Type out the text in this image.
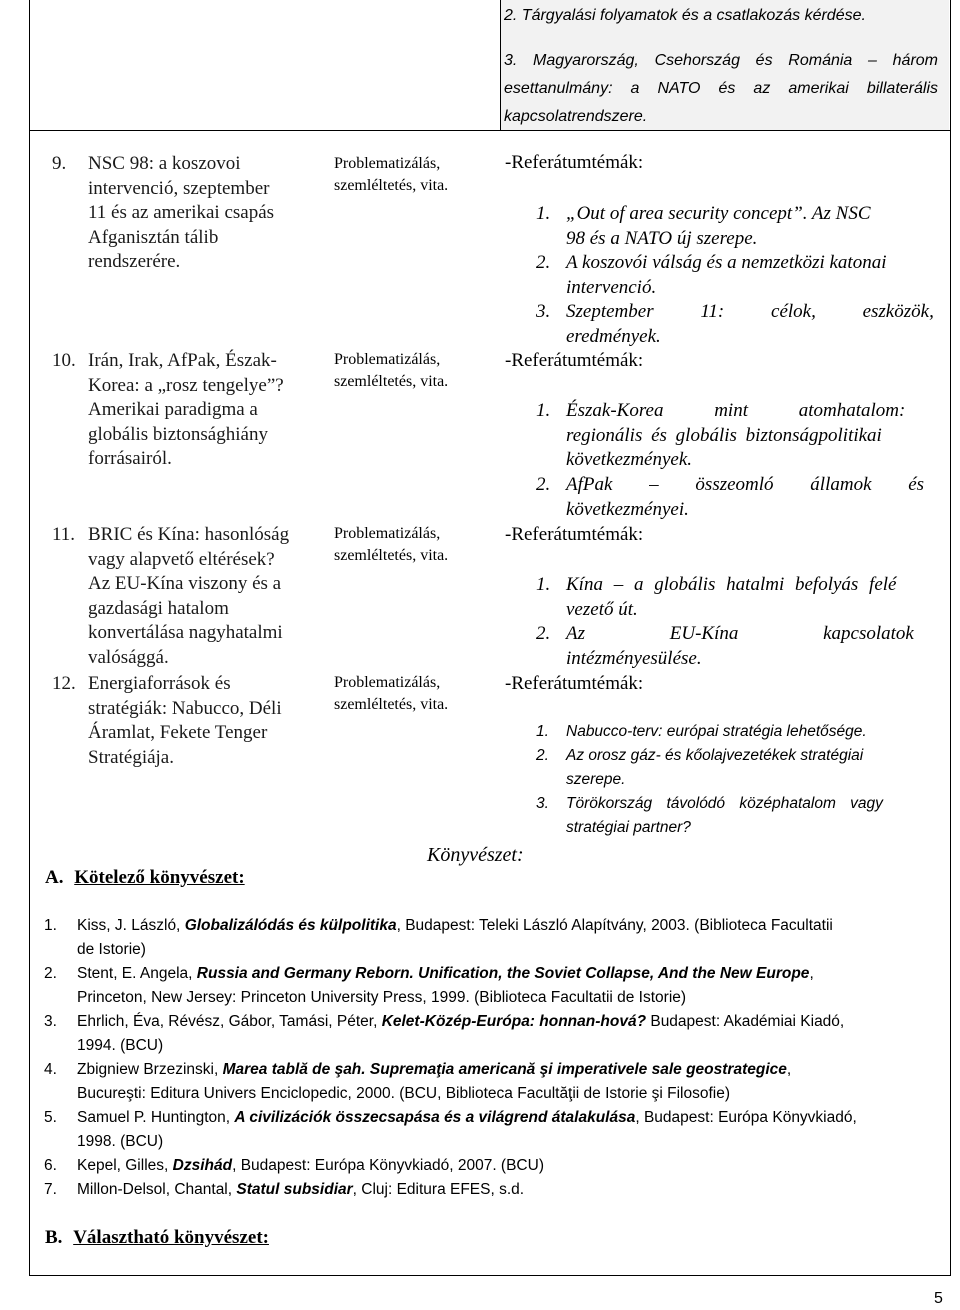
2. Tárgyalási folyamatok és a csatlakozás kérdése.

3. Magyarország, Csehország és Románia – három

esettanulmány: a NATO és az amerikai billaterális

kapcsolatrendszere.

9. NSC 98: a koszovoi
intervenció, szeptember
11 és az amerikai csapás
Afganisztán tálib
rendszerére.
Problematizálás,
szemléltetés, vita.
-Referátumtémák:
1. „Out of area security concept”. Az NSC
98 és a NATO új szerepe.
2. A koszovói válság és a nemzetközi katonai
intervenció.
3. Szeptember 11: célok, eszközök,
eredmények.
10. Irán, Irak, AfPak, Észak-
Korea: a „rosz tengelye”?
Amerikai paradigma a
globális biztonsághiány
forrásairól.
Problematizálás,
szemléltetés, vita.
-Referátumtémák:
1. Észak-Korea mint atomhatalom:
regionális és globális biztonságpolitikai
következmények.
2. AfPak – összeomló államok és
következményei.
11. BRIC és Kína: hasonlóság
vagy alapvető eltérések?
Az EU-Kína viszony és a
gazdasági hatalom
konvertálása nagyhatalmi
valósággá.
Problematizálás,
szemléltetés, vita.
-Referátumtémák:
1. Kína – a globális hatalmi befolyás felé
vezető út.
2. Az EU-Kína kapcsolatok
intézményesülése.
12. Energiaforrások és
stratégiák: Nabucco, Déli
Áramlat, Fekete Tenger
Stratégiája.
Problematizálás,
szemléltetés, vita.
-Referátumtémák:
1. Nabucco-terv: európai stratégia lehetősége.
2. Az orosz gáz- és kőolajvezetékek stratégiai
szerepe.
3. Törökország távolódó középhatalom vagy
stratégiai partner?
Könyvészet:
A. Kötelező könyvészet:
1. Kiss, J. László, Globalizálódás és külpolitika, Budapest: Teleki László Alapítvány, 2003. (Biblioteca Facultatii
de Istorie)
2. Stent, E. Angela, Russia and Germany Reborn. Unification, the Soviet Collapse, And the New Europe,
Princeton, New Jersey: Princeton University Press, 1999. (Biblioteca Facultatii de Istorie)
3. Ehrlich, Éva, Révész, Gábor, Tamási, Péter, Kelet-Közép-Európa: honnan-hová? Budapest: Akadémiai Kiadó,
1994. (BCU)
4. Zbigniew Brzezinski, Marea tablă de şah. Supremaţia americană şi imperativele sale geostrategice,
Bucureşti: Editura Univers Enciclopedic, 2000. (BCU, Biblioteca Facultăţii de Istorie şi Filosofie)
5. Samuel P. Huntington, A civilizációk összecsapása és a világrend átalakulása, Budapest: Európa Könyvkiadó,
1998. (BCU)
6. Kepel, Gilles, Dzsihád, Budapest: Európa Könyvkiadó, 2007. (BCU)
7. Millon-Delsol, Chantal, Statul subsidiar, Cluj: Editura EFES, s.d.
B. Választható könyvészet:
5
